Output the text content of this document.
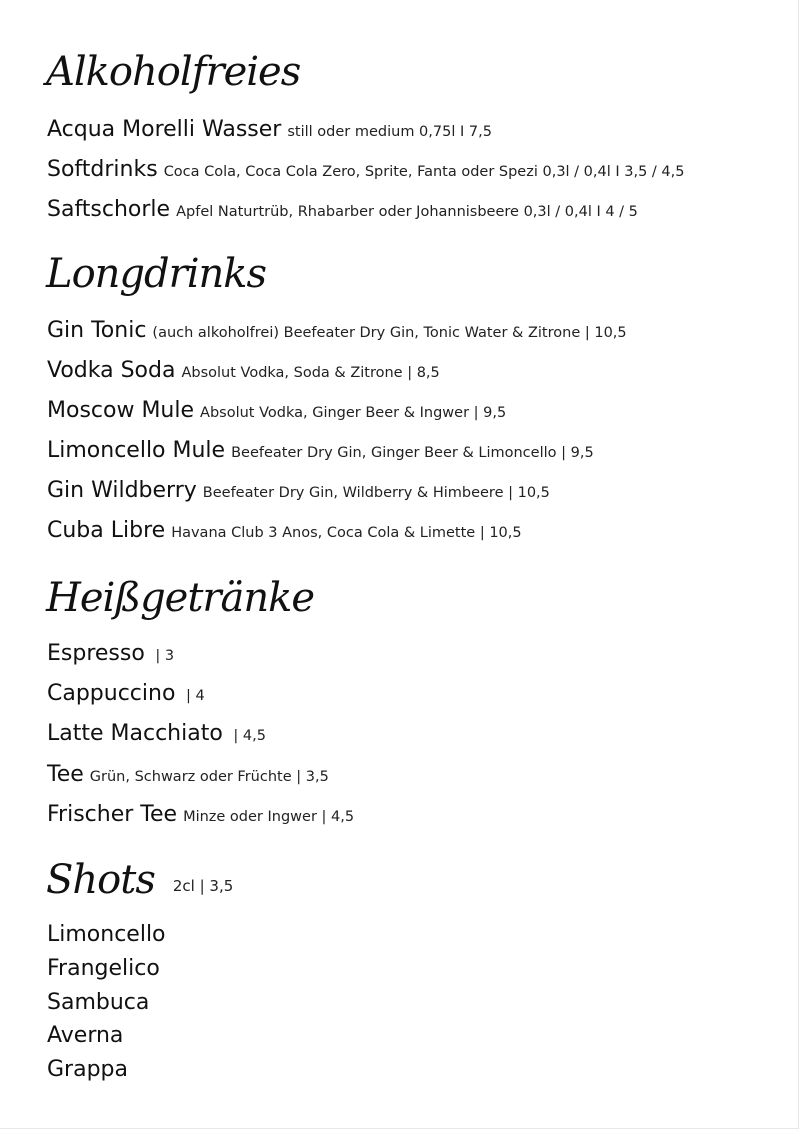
Alkoholfreies
Acqua Morelli Wasser still oder medium 0,75l I 7,5
Softdrinks Coca Cola, Coca Cola Zero, Sprite, Fanta oder Spezi 0,3l / 0,4l I 3,5 / 4,5
Saftschorle Apfel Naturtrüb, Rhabarber oder Johannisbeere 0,3l / 0,4l I 4 / 5
Longdrinks
Gin Tonic (auch alkoholfrei) Beefeater Dry Gin, Tonic Water & Zitrone | 10,5
Vodka Soda Absolut Vodka, Soda & Zitrone | 8,5
Moscow Mule Absolut Vodka, Ginger Beer & Ingwer | 9,5
Limoncello Mule Beefeater Dry Gin, Ginger Beer & Limoncello | 9,5
Gin Wildberry Beefeater Dry Gin, Wildberry & Himbeere | 10,5
Cuba Libre Havana Club 3 Anos, Coca Cola & Limette | 10,5
Heißgetränke
Espresso | 3
Cappuccino | 4
Latte Macchiato | 4,5
Tee Grün, Schwarz oder Früchte | 3,5
Frischer Tee Minze oder Ingwer | 4,5
Shots 2cl | 3,5
Limoncello
Frangelico
Sambuca
Averna
Grappa
